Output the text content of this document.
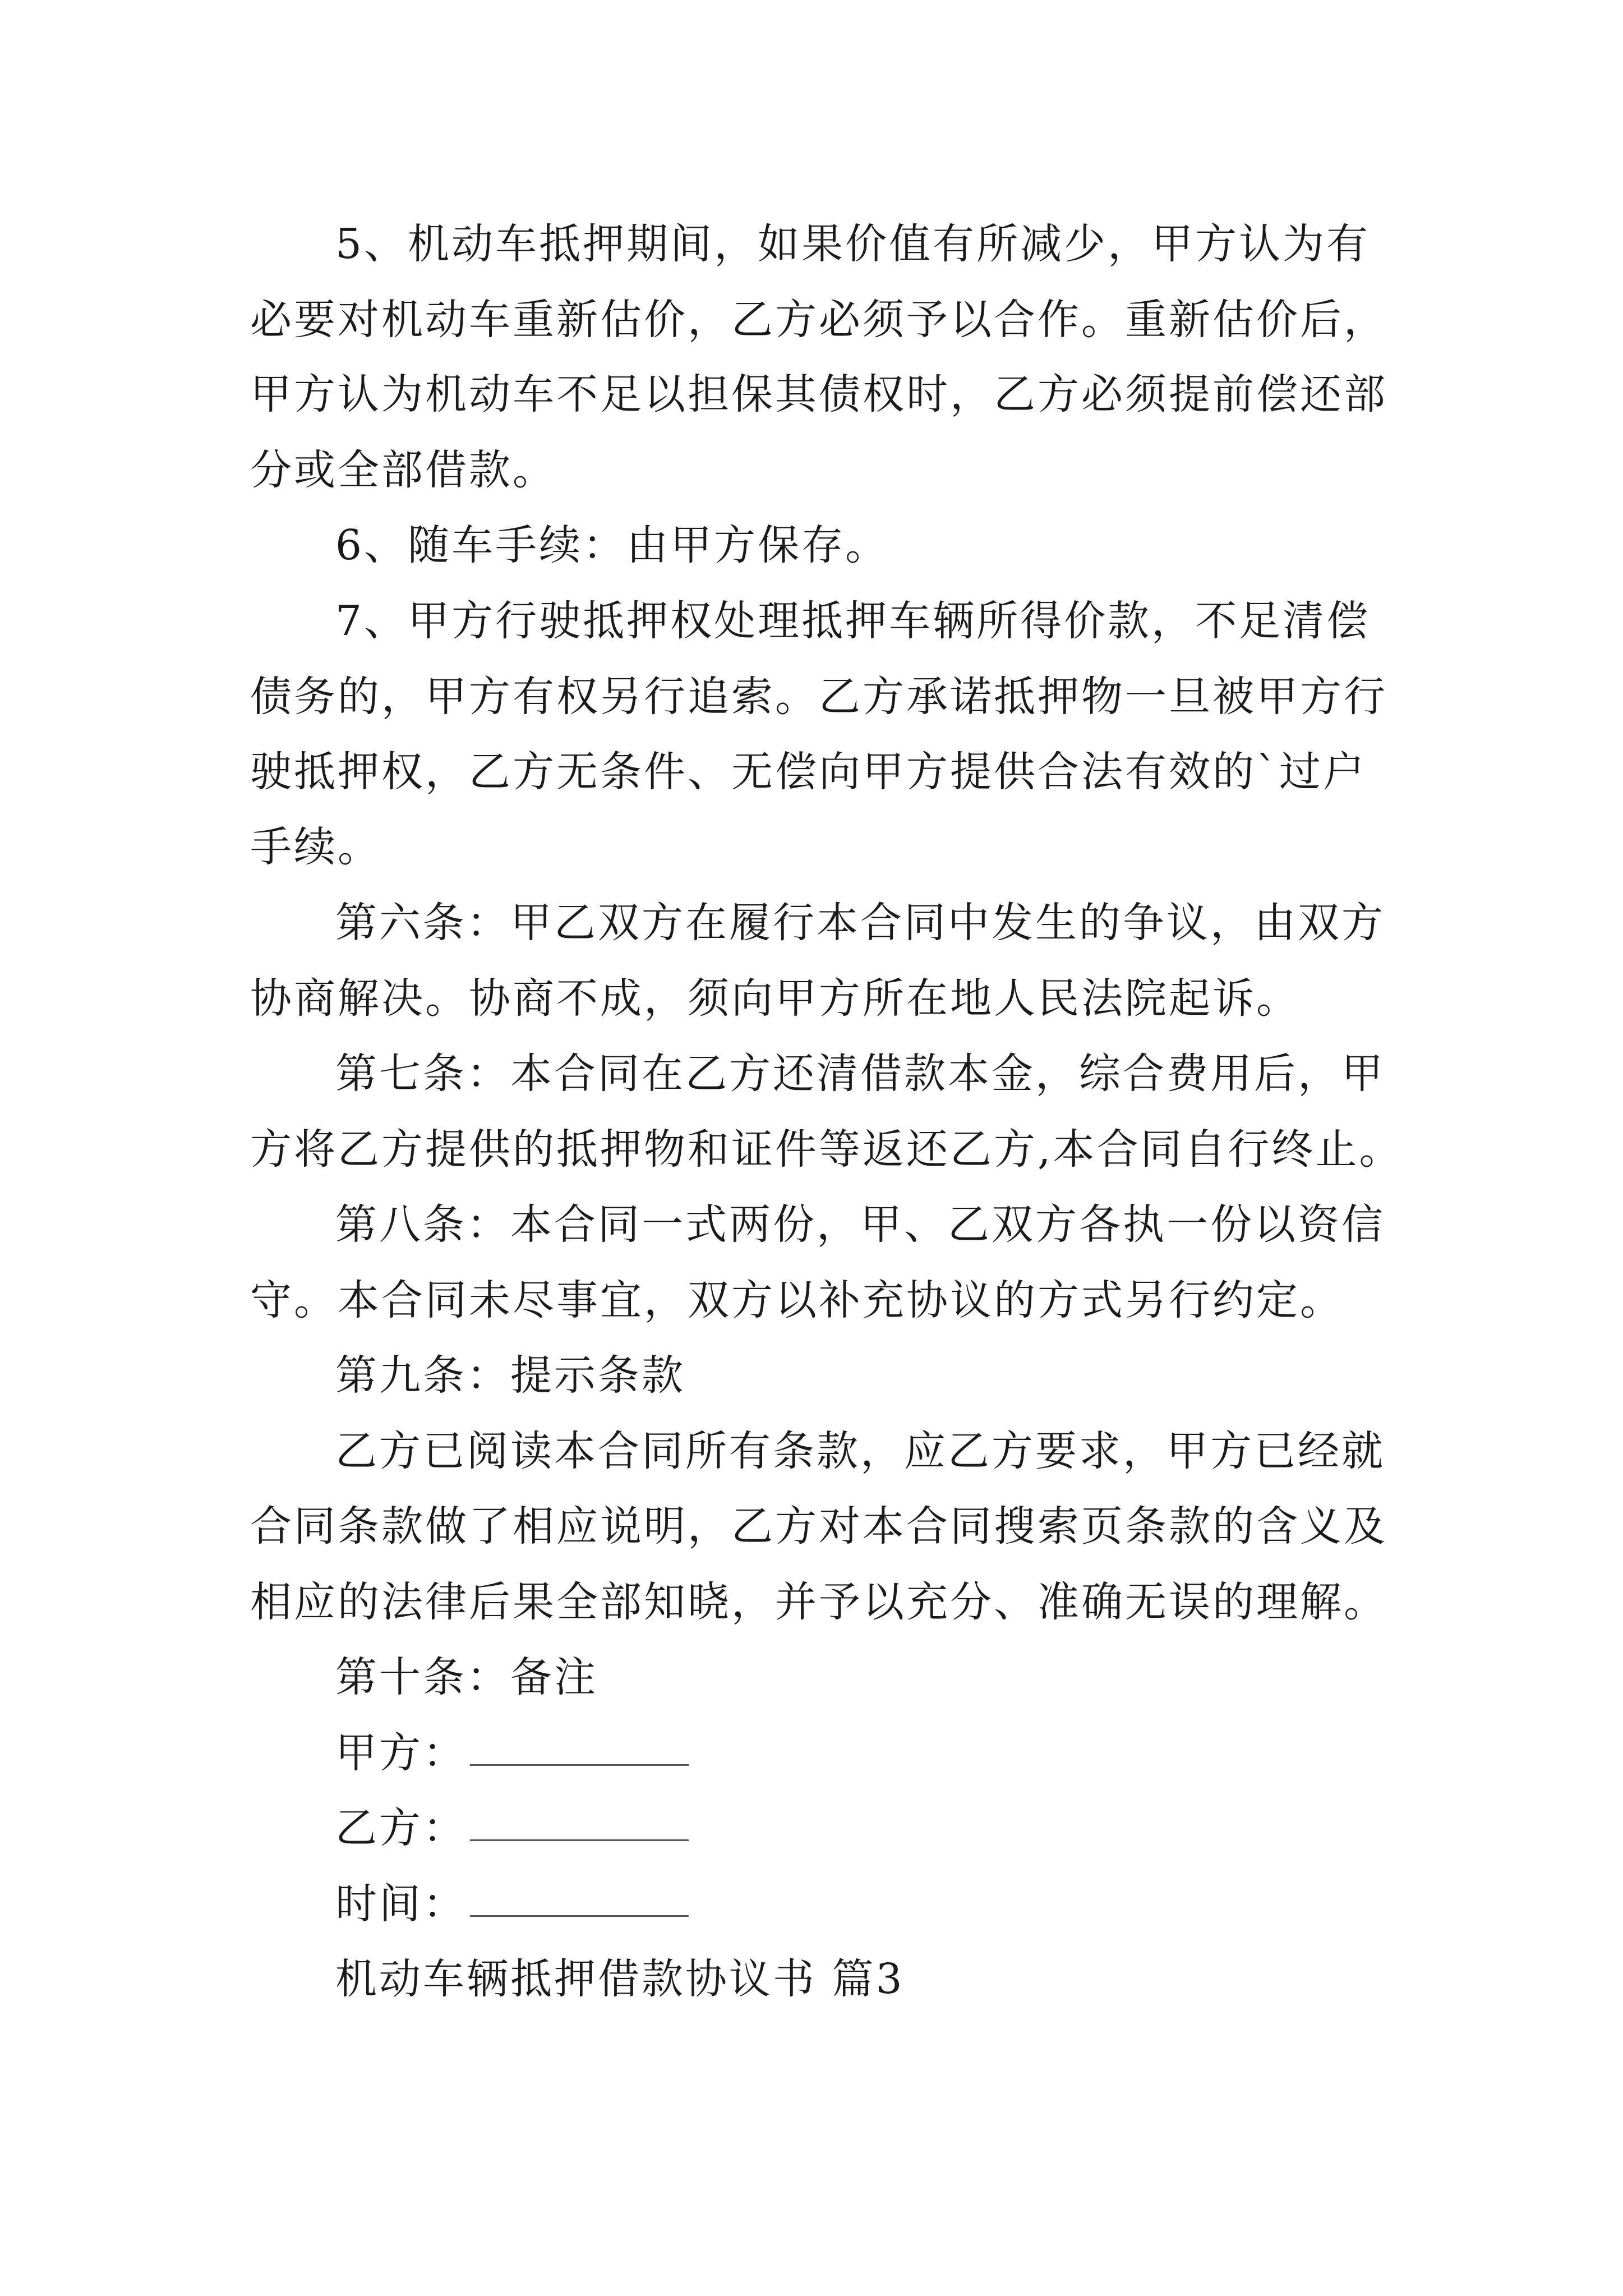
5、机动车抵押期间，如果价值有所减少，甲方认为有
必要对机动车重新估价，乙方必须予以合作。重新估价后，
甲方认为机动车不足以担保其债权时，乙方必须提前偿还部
分或全部借款。
6、随车手续：由甲方保存。
7、甲方行驶抵押权处理抵押车辆所得价款，不足清偿
债务的，甲方有权另行追索。乙方承诺抵押物一旦被甲方行
驶抵押权，乙方无条件、无偿向甲方提供合法有效的`过户
手续。
第六条：甲乙双方在履行本合同中发生的争议，由双方
协商解决。协商不成，须向甲方所在地人民法院起诉。
第七条：本合同在乙方还清借款本金，综合费用后，甲
方将乙方提供的抵押物和证件等返还乙方,本合同自行终止。
第八条：本合同一式两份，甲、乙双方各执一份以资信
守。本合同未尽事宜，双方以补充协议的方式另行约定。
第九条：提示条款
乙方已阅读本合同所有条款，应乙方要求，甲方已经就
合同条款做了相应说明，乙方对本合同搜索页条款的含义及
相应的法律后果全部知晓，并予以充分、准确无误的理解。
第十条：备注
甲方：
乙方：
时间：
机动车辆抵押借款协议书 篇3
